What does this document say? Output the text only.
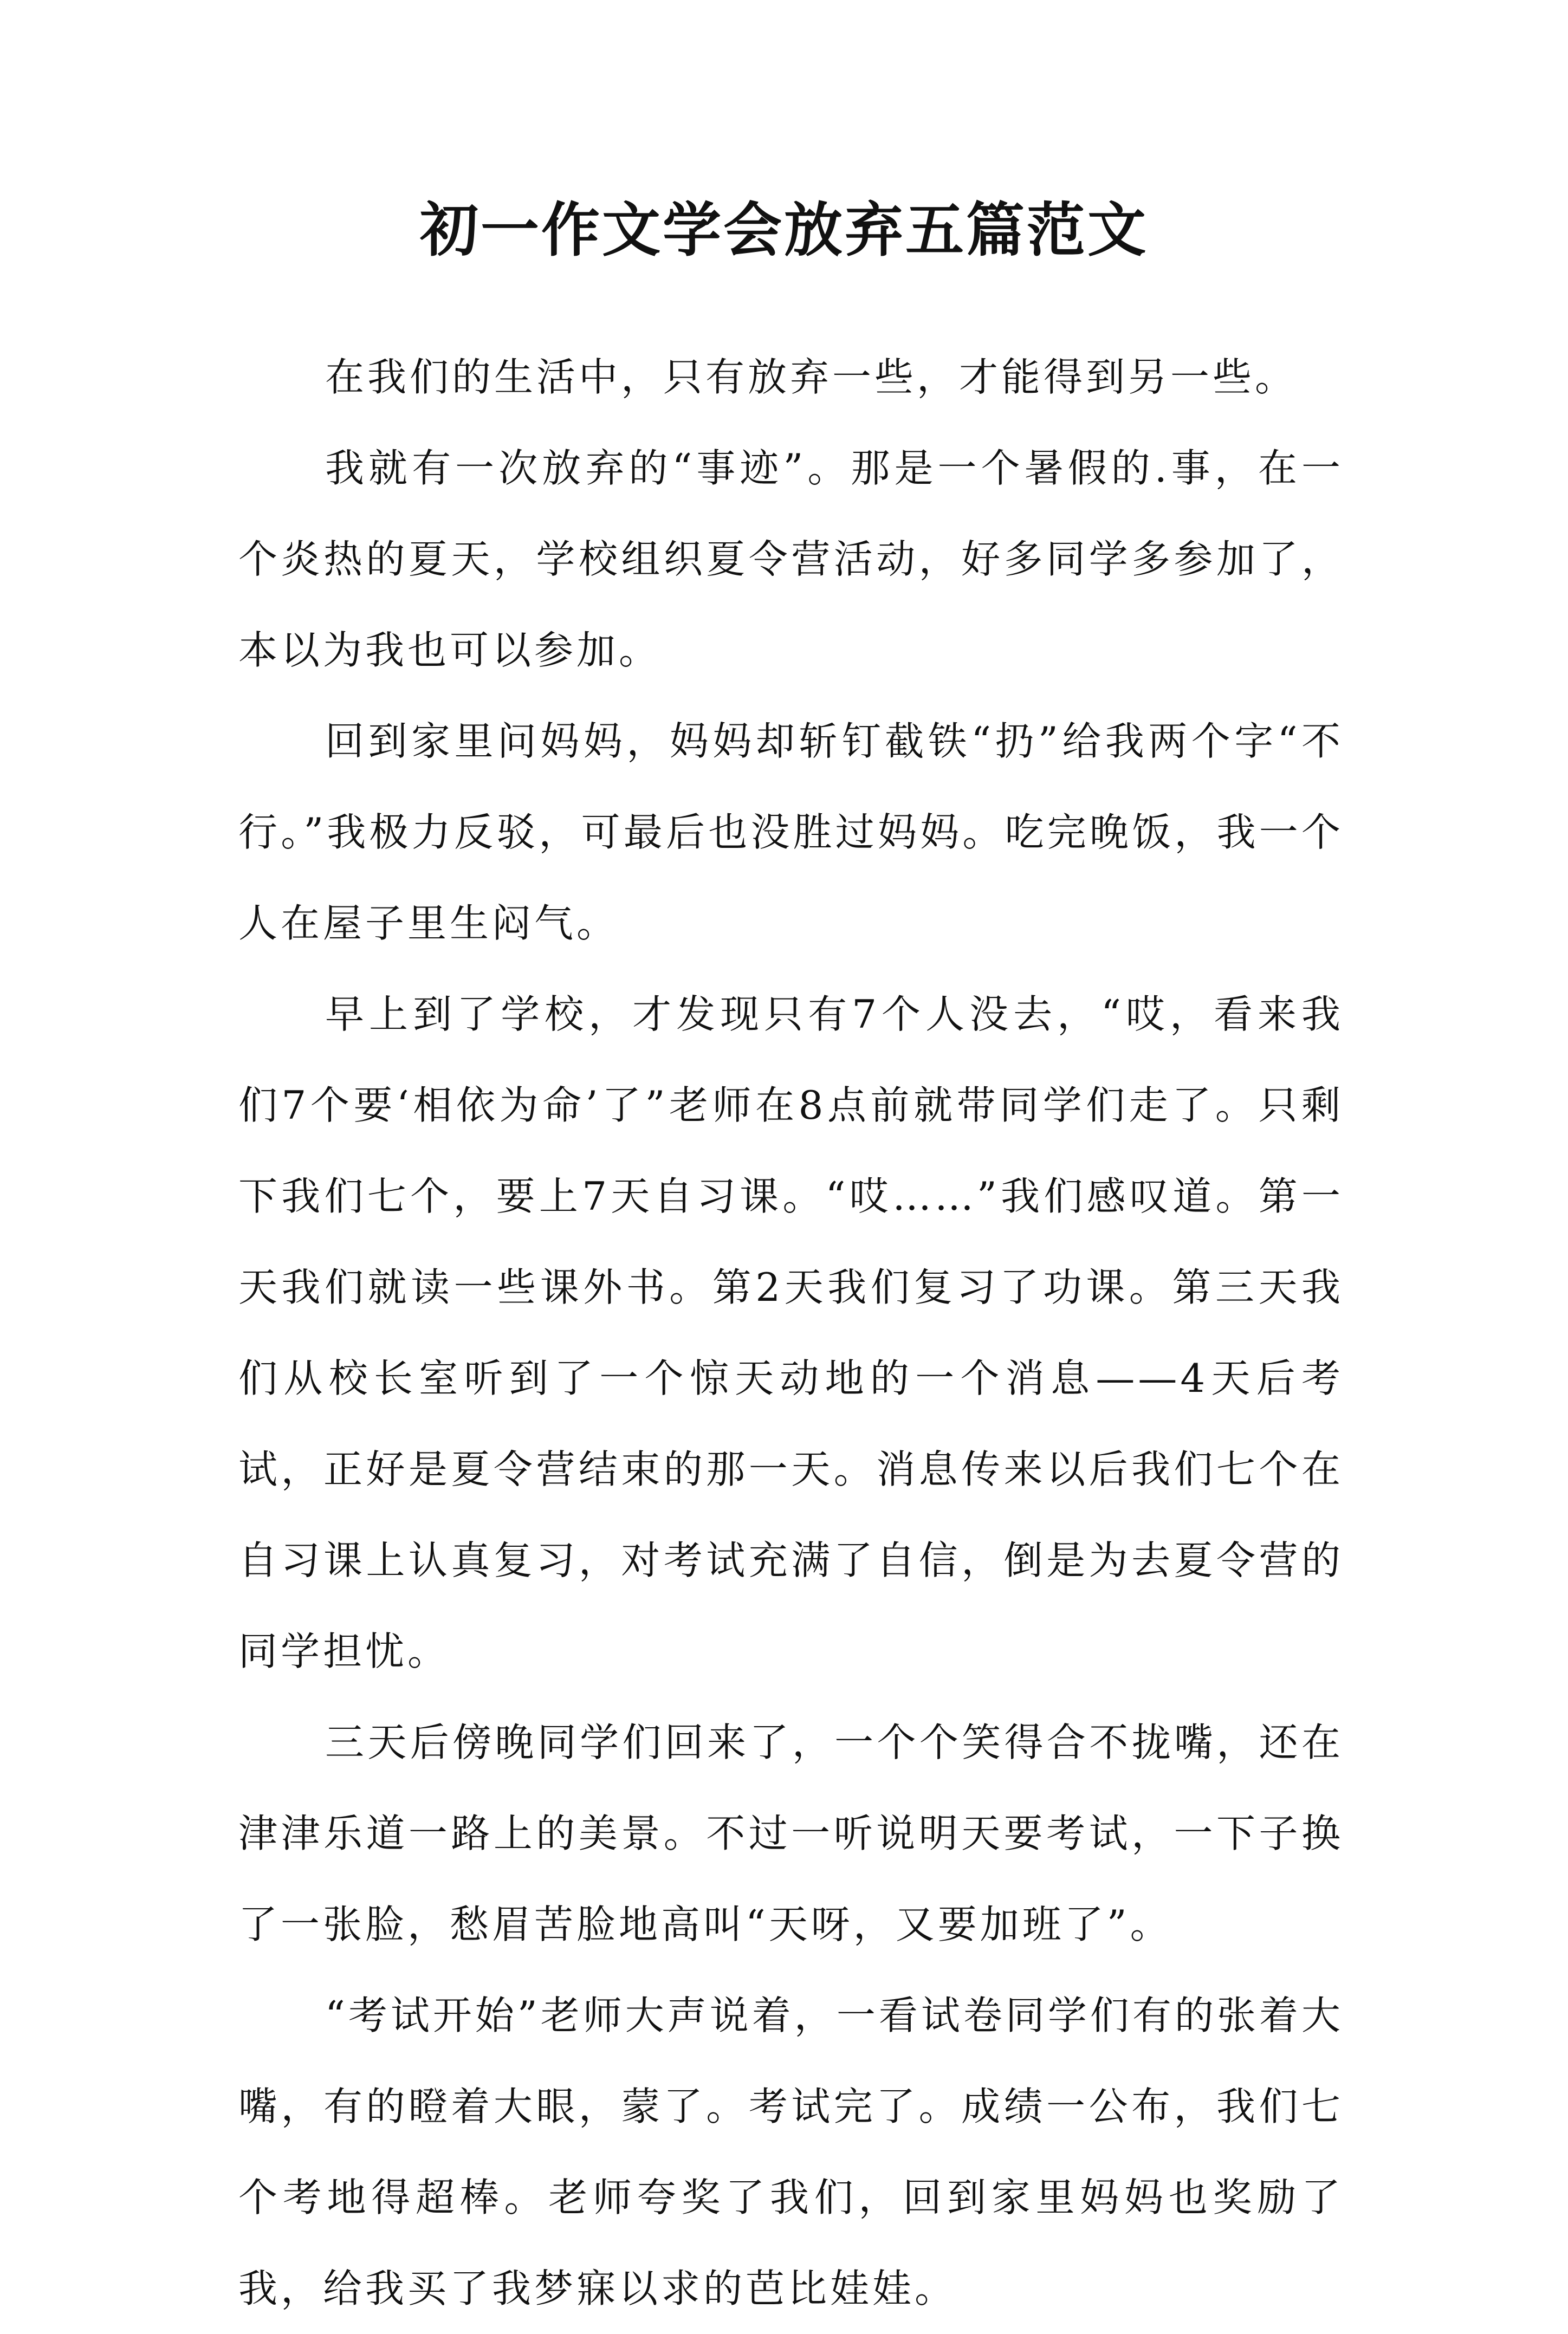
初一作文学会放弃五篇范文

在我们的生活中，只有放弃一些，才能得到另一些。

我就有一次放弃的“事迹”。那是一个暑假的.事，在一个炎热的夏天，学校组织夏令营活动，好多同学多参加了，本以为我也可以参加。

回到家里问妈妈，妈妈却斩钉截铁“扔”给我两个字“不行。”我极力反驳，可最后也没胜过妈妈。吃完晚饭，我一个人在屋子里生闷气。

早上到了学校，才发现只有7个人没去，“哎，看来我们7个要‘相依为命’了”老师在8点前就带同学们走了。只剩下我们七个，要上7天自习课。“哎……”我们感叹道。第一天我们就读一些课外书。第2天我们复习了功课。第三天我们从校长室听到了一个惊天动地的一个消息——4天后考试，正好是夏令营结束的那一天。消息传来以后我们七个在自习课上认真复习，对考试充满了自信，倒是为去夏令营的同学担忧。

三天后傍晚同学们回来了，一个个笑得合不拢嘴，还在津津乐道一路上的美景。不过一听说明天要考试，一下子换了一张脸，愁眉苦脸地高叫“天呀，又要加班了”。

“考试开始”老师大声说着，一看试卷同学们有的张着大嘴，有的瞪着大眼，蒙了。考试完了。成绩一公布，我们七个考地得超棒。老师夸奖了我们，回到家里妈妈也奖励了我，给我买了我梦寐以求的芭比娃娃。
